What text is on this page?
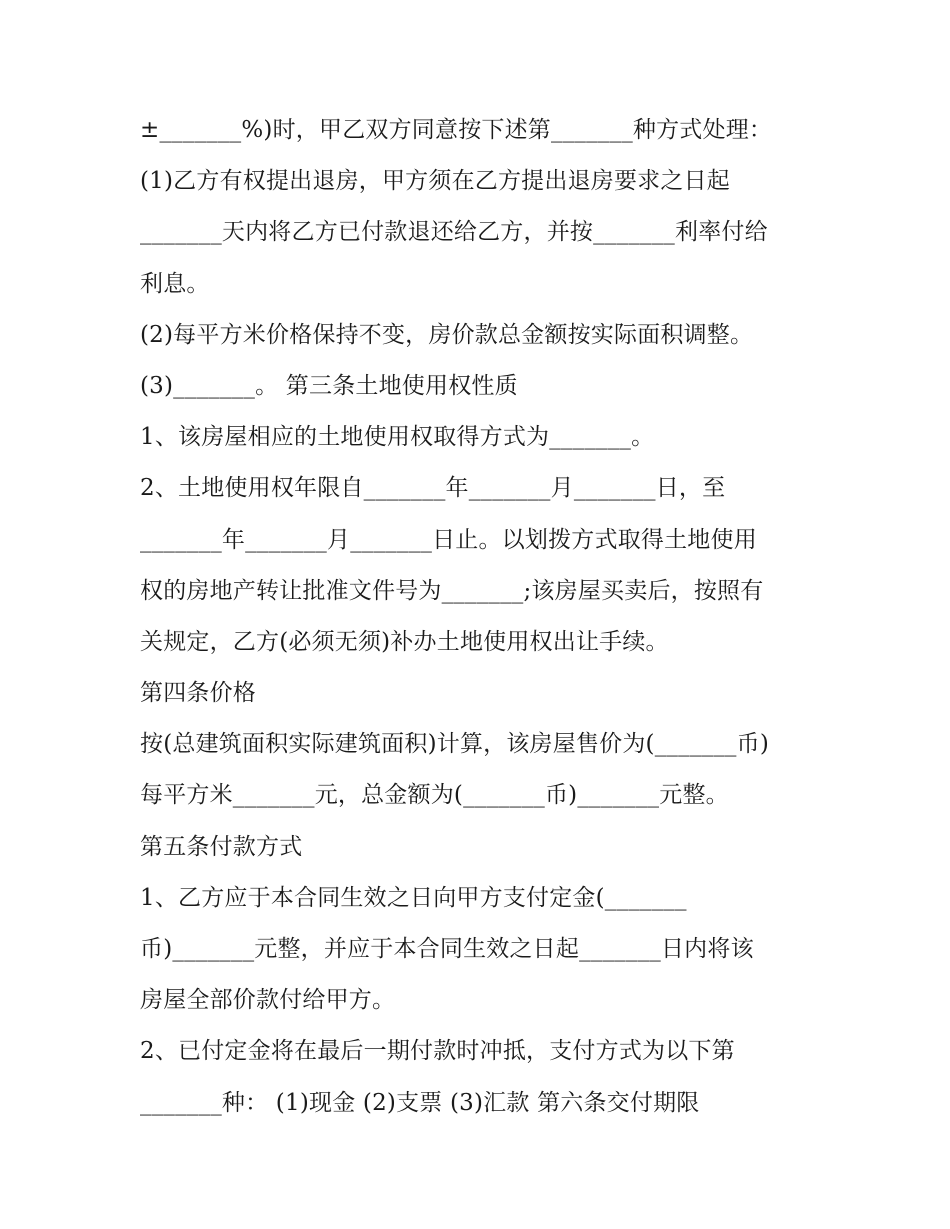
±_______%)时，甲乙双方同意按下述第_______种方式处理：
(1)乙方有权提出退房，甲方须在乙方提出退房要求之日起
_______天内将乙方已付款退还给乙方，并按_______利率付给
利息。
(2)每平方米价格保持不变，房价款总金额按实际面积调整。
(3)_______。 第三条土地使用权性质
1、该房屋相应的土地使用权取得方式为_______。
2、土地使用权年限自_______年_______月_______日，至
_______年_______月_______日止。以划拨方式取得土地使用
权的房地产转让批准文件号为_______;该房屋买卖后，按照有
关规定，乙方(必须无须)补办土地使用权出让手续。
第四条价格
按(总建筑面积实际建筑面积)计算，该房屋售价为(_______币)
每平方米_______元，总金额为(_______币)_______元整。
第五条付款方式
1、乙方应于本合同生效之日向甲方支付定金(_______
币)_______元整，并应于本合同生效之日起_______日内将该
房屋全部价款付给甲方。
2、已付定金将在最后一期付款时冲抵，支付方式为以下第
_______种： (1)现金 (2)支票 (3)汇款 第六条交付期限
